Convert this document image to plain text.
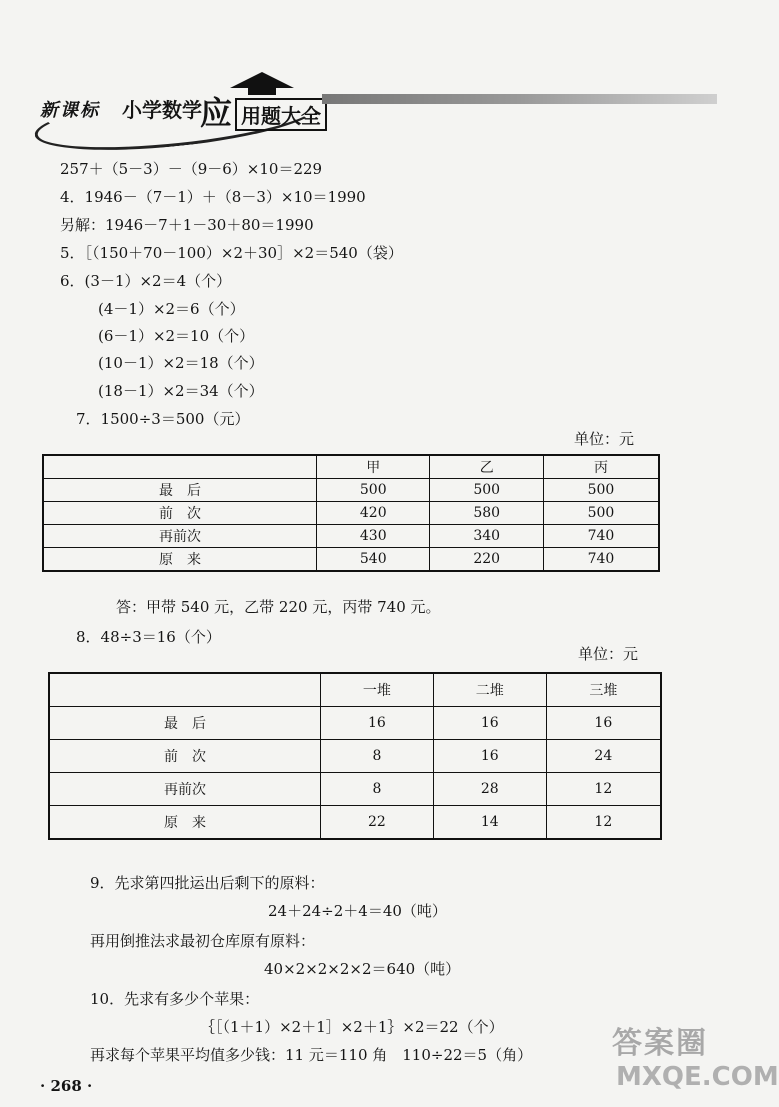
新课标 小学数学
应 用题大全
257＋（5－3）－（9－6）×10＝229
4．1946－（7－1）＋（8－3）×10＝1990
另解：1946－7＋1－30＋80＝1990
5．［（150＋70－100）×2＋30］×2＝540（袋）
6．(3－1）×2＝4（个）
(4－1）×2＝6（个）
(6－1）×2＝10（个）
(10－1）×2＝18（个）
(18－1）×2＝34（个）
7．1500÷3＝500（元）
单位：元
	甲	乙	丙
最　后	500	500	500
前　次	420	580	500
再前次	430	340	740
原　来	540	220	740
答：甲带 540 元，乙带 220 元，丙带 740 元。
8．48÷3＝16（个）
单位：元
	一堆	二堆	三堆
最　后	16	16	16
前　次	8	16	24
再前次	8	28	12
原　来	22	14	12
9．先求第四批运出后剩下的原料：
24＋24÷2＋4＝40（吨）
再用倒推法求最初仓库原有原料：
40×2×2×2×2＝640（吨）
10．先求有多少个苹果：
｛［（1＋1）×2＋1］×2＋1｝×2＝22（个）
再求每个苹果平均值多少钱：11 元＝110 角　110÷22＝5（角）
· 268 ·
答案圈
MXQE.COM
